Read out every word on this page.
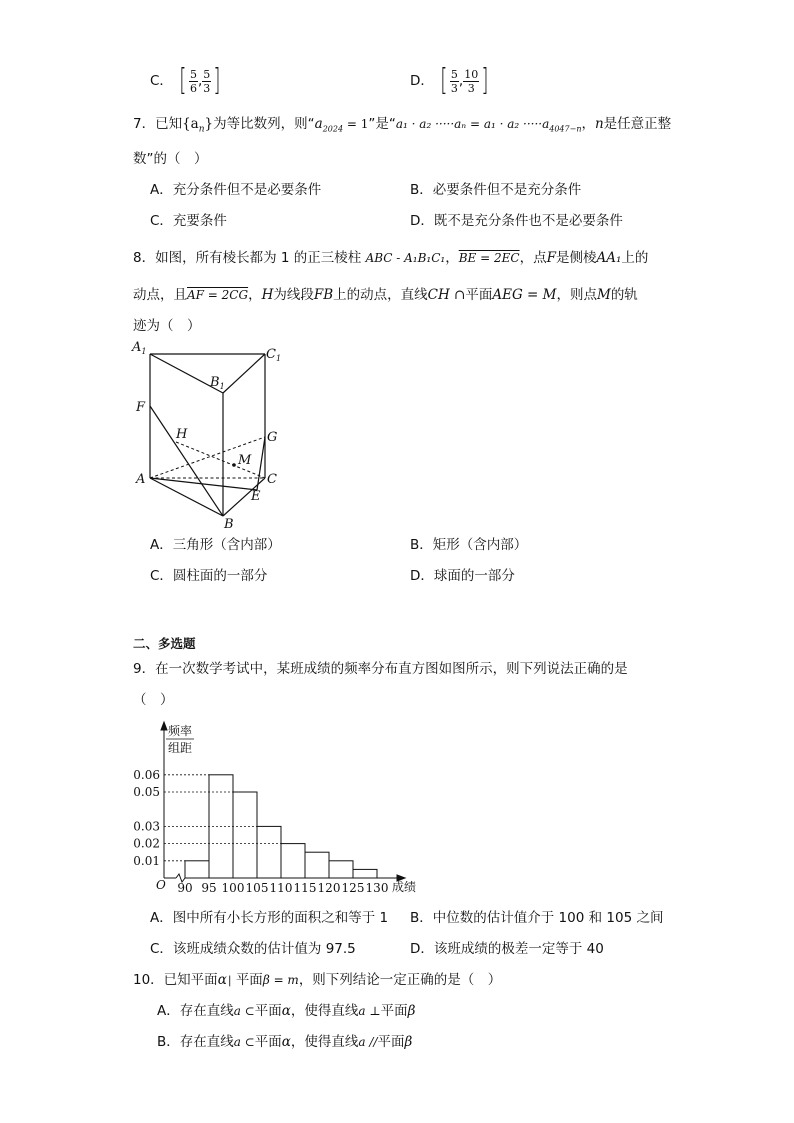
C． [ $\frac{5}{6}$ , $\frac{5}{3}$ ]	D． [ $\frac{5}{3}$ , $\frac{10}{3}$ ]
7．已知$\{a_n\}$为等比数列，则“$a_{2024} = 1$”是“$a_1 \cdot a_2 \cdot\cdot\cdot\cdot\cdot a_n = a_1 \cdot a_2 \cdot\cdot\cdot\cdot\cdot a_{4047-n}$，n是任意正整
数”的（　）
A．充分条件但不是必要条件	B．必要条件但不是充分条件
C．充要条件	D．既不是充分条件也不是必要条件
8．如图，所有棱长都为 1 的正三棱柱 ABC - A₁B₁C₁，BE = 2EC，点F是侧棱AA₁上的
动点，且AF = 2CG，H为线段FB上的动点，直线CH ∩平面AEG = M，则点M的轨
迹为（　）
$A_1$	$C_1$
$B_1$
F
H	G
M
A	C
E
B
A．三角形（含内部）	B．矩形（含内部）
C．圆柱面的一部分	D．球面的一部分
二、多选题
9．在一次数学考试中，某班成绩的频率分布直方图如图所示，则下列说法正确的是
（　）
0.06
0.05
0.03
0.02
0.01
90 95 100 105 110 115 120 125 130
频率
组距
O	成绩
A．图中所有小长方形的面积之和等于 1 B．中位数的估计值介于 100 和 105 之间
C．该班成绩众数的估计值为 97.5	D．该班成绩的极差一定等于 40
10．已知平面α∣ 平面β = m，则下列结论一定正确的是（　）
A．存在直线a ⊂平面α，使得直线a ⊥平面β
B．存在直线a ⊂平面α，使得直线a //平面β
